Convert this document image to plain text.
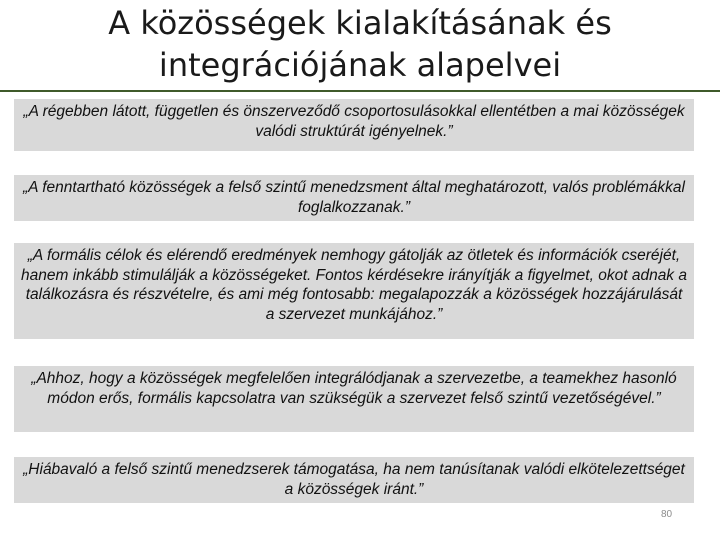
A közösségek kialakításának és
integrációjának alapelvei
„A régebben látott, független és önszerveződő csoportosulásokkal ellentétben a mai közösségek valódi struktúrát igényelnek.”
„A fenntartható közösségek a felső szintű menedzsment által meghatározott, valós problémákkal foglalkozzanak.”
„A formális célok és elérendő eredmények nemhogy gátolják az ötletek és információk cseréjét, hanem inkább stimulálják a közösségeket. Fontos kérdésekre irányítják a figyelmet, okot adnak a találkozásra és részvételre, és ami még fontosabb: megalapozzák a közösségek hozzájárulását a szervezet munkájához.”
„Ahhoz, hogy a közösségek megfelelően integrálódjanak a szervezetbe, a teamekhez hasonló módon erős, formális kapcsolatra van szükségük a szervezet felső szintű vezetőségével.”
„Hiábavaló a felső szintű menedzserek támogatása, ha nem tanúsítanak valódi elkötelezettséget a közösségek iránt.”
80
